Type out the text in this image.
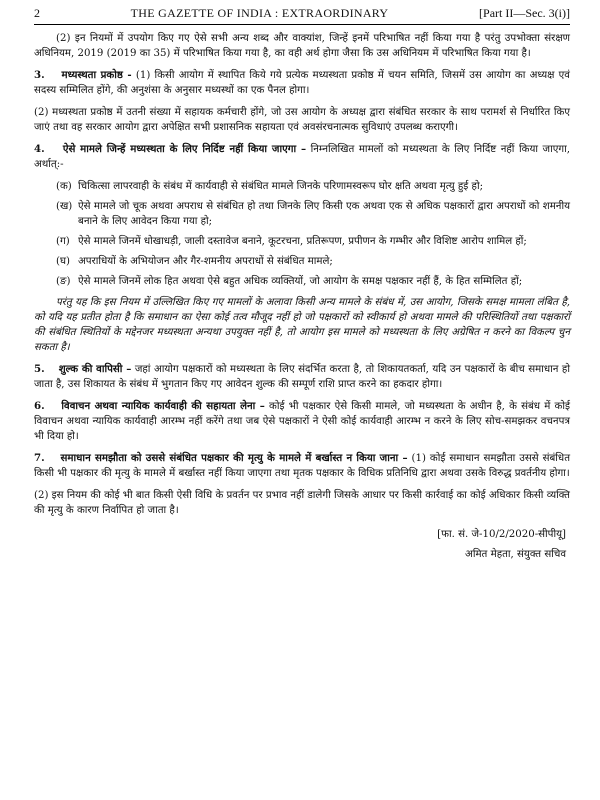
2	THE GAZETTE OF INDIA : EXTRAORDINARY	[Part II—Sec. 3(i)]

(2) इन नियमों में उपयोग किए गए ऐसे सभी अन्य शब्द और वाक्यांश, जिन्हें इनमें परिभाषित नहीं किया गया है परंतु उपभोक्ता संरक्षण अधिनियम, 2019 (2019 का 35) में परिभाषित किया गया है, का वही अर्थ होगा जैसा कि उस अधिनियम में परिभाषित किया गया है।

3. मध्यस्थता प्रकोष्ठ - (1) किसी आयोग में स्थापित किये गये प्रत्येक मध्यस्थता प्रकोष्ठ में चयन समिति, जिसमें उस आयोग का अध्यक्ष एवं सदस्य सम्मिलित होंगे, की अनुशंसा के अनुसार मध्यस्थों का एक पैनल होगा।

(2) मध्यस्थता प्रकोष्ठ में उतनी संख्या में सहायक कर्मचारी होंगे, जो उस आयोग के अध्यक्ष द्वारा संबंधित सरकार के साथ परामर्श से निर्धारित किए जाएं तथा वह सरकार आयोग द्वारा अपेक्षित सभी प्रशासनिक सहायता एवं अवसंरचनात्मक सुविधाएं उपलब्ध कराएगी।

4. ऐसे मामले जिन्हें मध्यस्थता के लिए निर्दिष्ट नहीं किया जाएगा – निम्नलिखित मामलों को मध्यस्थता के लिए निर्दिष्ट नहीं किया जाएगा, अर्थात्:-

(क) चिकित्सा लापरवाही के संबंध में कार्यवाही से संबंधित मामले जिनके परिणामस्वरूप घोर क्षति अथवा मृत्यु हुई हो;
(ख) ऐसे मामले जो चूक अथवा अपराध से संबंधित हो तथा जिनके लिए किसी एक अथवा एक से अधिक पक्षकारों द्वारा अपराधों को शमनीय बनाने के लिए आवेदन किया गया हो;
(ग) ऐसे मामले जिनमें धोखाधड़ी, जाली दस्तावेज बनाने, कूटरचना, प्रतिरूपण, प्रपीणन के गम्भीर और विशिष्ट आरोप शामिल हों;
(घ) अपराधियों के अभियोजन और गैर-शमनीय अपराधों से संबंधित मामले;
(ङ) ऐसे मामले जिनमें लोक हित अथवा ऐसे बहुत अधिक व्यक्तियों, जो आयोग के समक्ष पक्षकार नहीं हैं, के हित सम्मिलित हों;

परंतु यह कि इस नियम में उल्लिखित किए गए मामलों के अलावा किसी अन्य मामले के संबंध में, उस आयोग, जिसके समक्ष मामला लंबित है, को यदि यह प्रतीत होता है कि समाधान का ऐसा कोई तत्व मौजूद नहीं हो जो पक्षकारों को स्वीकार्य हो अथवा मामले की परिस्थितियों तथा पक्षकारों की संबंधित स्थितियों के मद्देनजर मध्यस्थता अन्यथा उपयुक्त नहीं है, तो आयोग इस मामले को मध्यस्थता के लिए अग्रेषित न करने का विकल्प चुन सकता है।

5. शुल्क की वापिसी – जहां आयोग पक्षकारों को मध्यस्थता के लिए संदर्भित करता है, तो शिकायतकर्ता, यदि उन पक्षकारों के बीच समाधान हो जाता है, उस शिकायत के संबंध में भुगतान किए गए आवेदन शुल्क की सम्पूर्ण राशि प्राप्त करने का हकदार होगा।

6. विवाचन अथवा न्यायिक कार्यवाही की सहायता लेना – कोई भी पक्षकार ऐसे किसी मामले, जो मध्यस्थता के अधीन है, के संबंध में कोई विवाचन अथवा न्यायिक कार्यवाही आरम्भ नहीं करेंगे तथा जब ऐसे पक्षकारों ने ऐसी कोई कार्यवाही आरम्भ न करने के लिए सोच-समझकर वचनपत्र भी दिया हो।

7. समाधान समझौता को उससे संबंधित पक्षकार की मृत्यु के मामले में बर्खास्त न किया जाना – (1) कोई समाधान समझौता उससे संबंधित किसी भी पक्षकार की मृत्यु के मामले में बर्खास्त नहीं किया जाएगा तथा मृतक पक्षकार के विधिक प्रतिनिधि द्वारा अथवा उसके विरुद्ध प्रवर्तनीय होगा।

(2) इस नियम की कोई भी बात किसी ऐसी विधि के प्रवर्तन पर प्रभाव नहीं डालेगी जिसके आधार पर किसी कार्रवाई का कोई अधिकार किसी व्यक्ति की मृत्यु के कारण निर्वापित हो जाता है।

[फा. सं. जे-10/2/2020-सीपीयू]
अमित मेहता, संयुक्त सचिव
